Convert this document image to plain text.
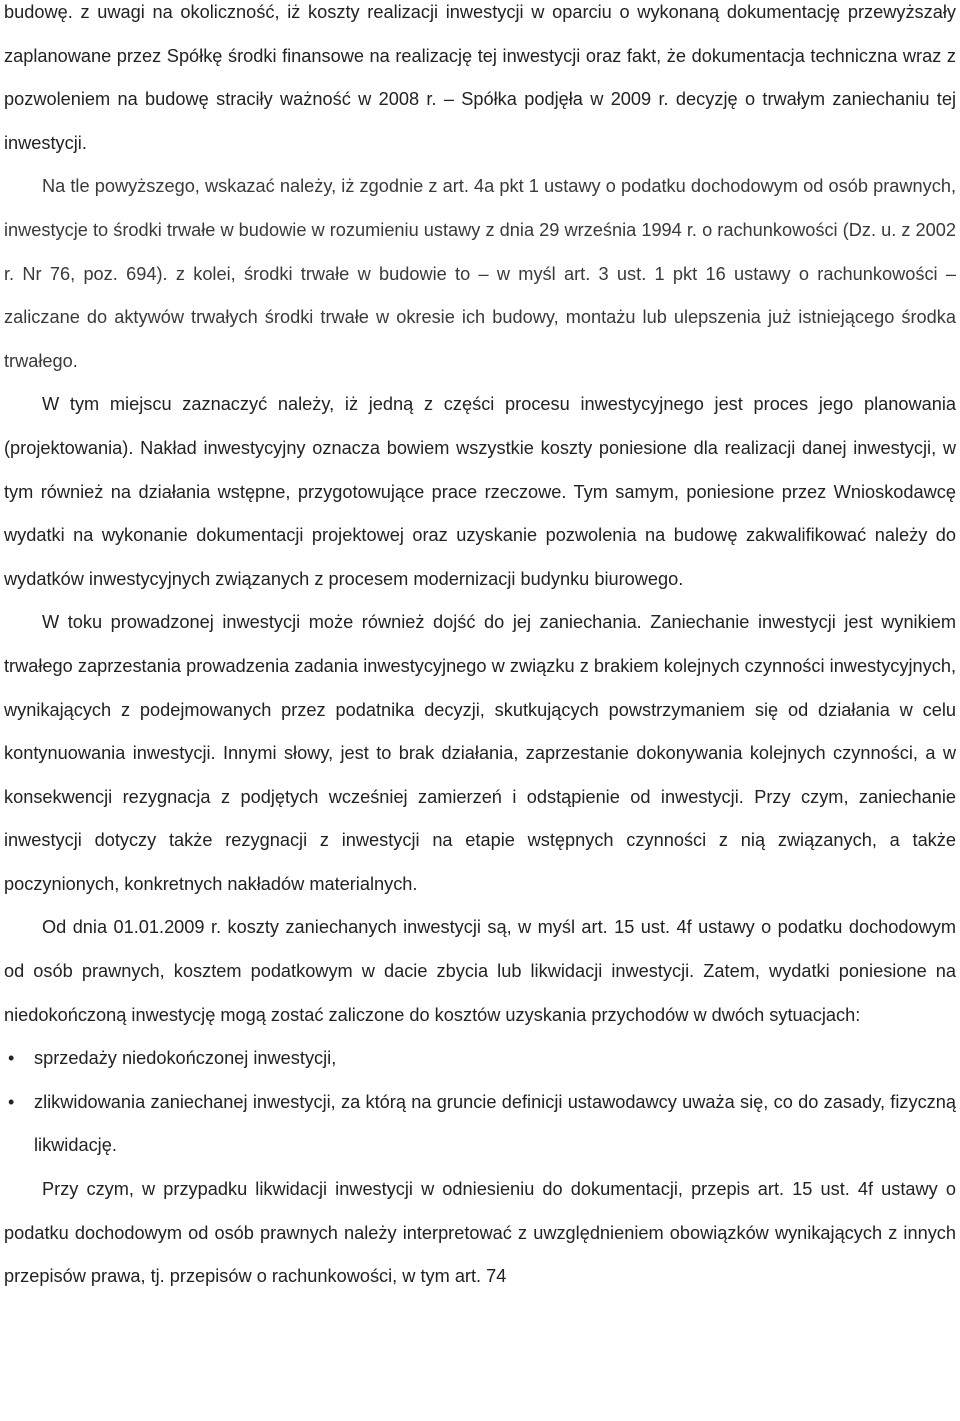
budowę. z uwagi na okoliczność, iż koszty realizacji inwestycji w oparciu o wykonaną dokumentację przewyższały zaplanowane przez Spółkę środki finansowe na realizację tej inwestycji oraz fakt, że dokumentacja techniczna wraz z pozwoleniem na budowę straciły ważność w 2008 r. – Spółka podjęła w 2009 r. decyzję o trwałym zaniechaniu tej inwestycji.

Na tle powyższego, wskazać należy, iż zgodnie z art. 4a pkt 1 ustawy o podatku dochodowym od osób prawnych, inwestycje to środki trwałe w budowie w rozumieniu ustawy z dnia 29 września 1994 r. o rachunkowości (Dz. u. z 2002 r. Nr 76, poz. 694). z kolei, środki trwałe w budowie to – w myśl art. 3 ust. 1 pkt 16 ustawy o rachunkowości – zaliczane do aktywów trwałych środki trwałe w okresie ich budowy, montażu lub ulepszenia już istniejącego środka trwałego.

W tym miejscu zaznaczyć należy, iż jedną z części procesu inwestycyjnego jest proces jego planowania (projektowania). Nakład inwestycyjny oznacza bowiem wszystkie koszty poniesione dla realizacji danej inwestycji, w tym również na działania wstępne, przygotowujące prace rzeczowe. Tym samym, poniesione przez Wnioskodawcę wydatki na wykonanie dokumentacji projektowej oraz uzyskanie pozwolenia na budowę zakwalifikować należy do wydatków inwestycyjnych związanych z procesem modernizacji budynku biurowego.

W toku prowadzonej inwestycji może również dojść do jej zaniechania. Zaniechanie inwestycji jest wynikiem trwałego zaprzestania prowadzenia zadania inwestycyjnego w związku z brakiem kolejnych czynności inwestycyjnych, wynikających z podejmowanych przez podatnika decyzji, skutkujących powstrzymaniem się od działania w celu kontynuowania inwestycji. Innymi słowy, jest to brak działania, zaprzestanie dokonywania kolejnych czynności, a w konsekwencji rezygnacja z podjętych wcześniej zamierzeń i odstąpienie od inwestycji. Przy czym, zaniechanie inwestycji dotyczy także rezygnacji z inwestycji na etapie wstępnych czynności z nią związanych, a także poczynionych, konkretnych nakładów materialnych.

Od dnia 01.01.2009 r. koszty zaniechanych inwestycji są, w myśl art. 15 ust. 4f ustawy o podatku dochodowym od osób prawnych, kosztem podatkowym w dacie zbycia lub likwidacji inwestycji. Zatem, wydatki poniesione na niedokończoną inwestycję mogą zostać zaliczone do kosztów uzyskania przychodów w dwóch sytuacjach:

• sprzedaży niedokończonej inwestycji,
• zlikwidowania zaniechanej inwestycji, za którą na gruncie definicji ustawodawcy uważa się, co do zasady, fizyczną likwidację.

Przy czym, w przypadku likwidacji inwestycji w odniesieniu do dokumentacji, przepis art. 15 ust. 4f ustawy o podatku dochodowym od osób prawnych należy interpretować z uwzględnieniem obowiązków wynikających z innych przepisów prawa, tj. przepisów o rachunkowości, w tym art. 74
